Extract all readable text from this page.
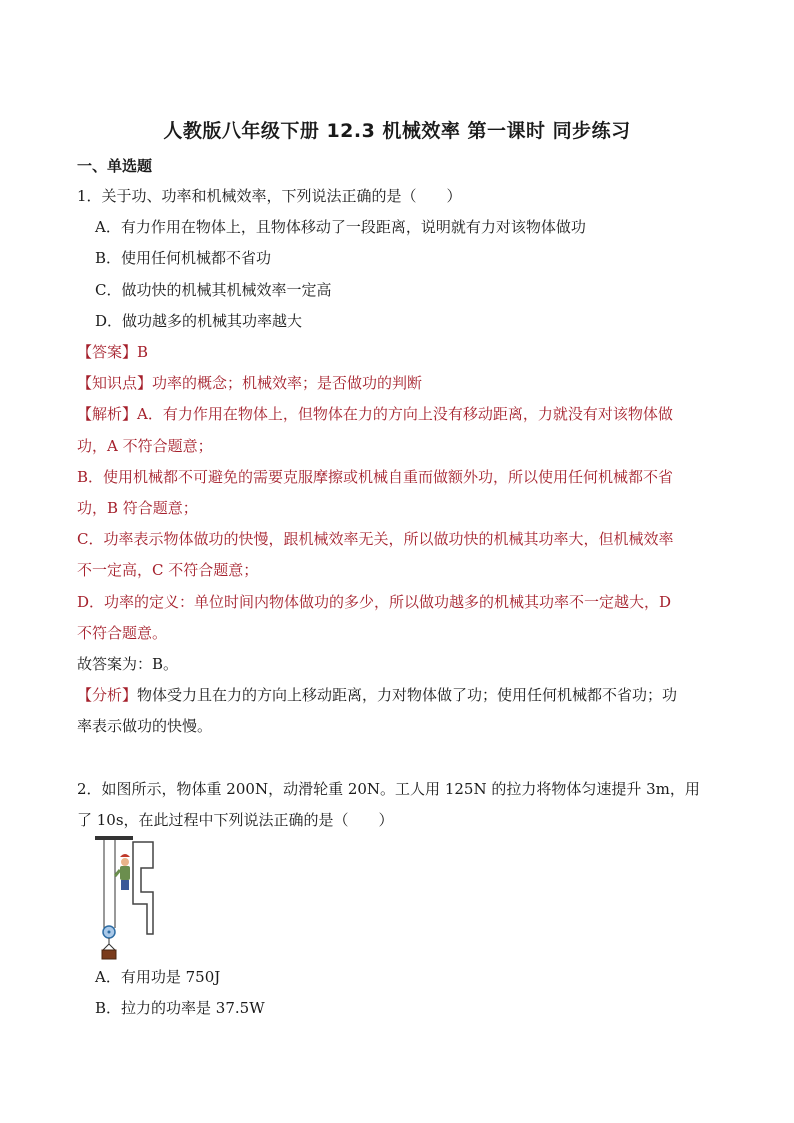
人教版八年级下册 12.3 机械效率 第一课时 同步练习
一、单选题
1．关于功、功率和机械效率，下列说法正确的是（　　）
A．有力作用在物体上，且物体移动了一段距离，说明就有力对该物体做功
B．使用任何机械都不省功
C．做功快的机械其机械效率一定高
D．做功越多的机械其功率越大
【答案】B
【知识点】功率的概念；机械效率；是否做功的判断
【解析】A．有力作用在物体上，但物体在力的方向上没有移动距离，力就没有对该物体做
功，A 不符合题意；
B．使用机械都不可避免的需要克服摩擦或机械自重而做额外功，所以使用任何机械都不省
功，B 符合题意；
C．功率表示物体做功的快慢，跟机械效率无关，所以做功快的机械其功率大，但机械效率
不一定高，C 不符合题意；
D．功率的定义：单位时间内物体做功的多少，所以做功越多的机械其功率不一定越大，D
不符合题意。
故答案为：B。
【分析】物体受力且在力的方向上移动距离，力对物体做了功；使用任何机械都不省功；功
率表示做功的快慢。
2．如图所示，物体重 200N，动滑轮重 20N。工人用 125N 的拉力将物体匀速提升 3m，用
了 10s，在此过程中下列说法正确的是（　　）
A．有用功是 750J
B．拉力的功率是 37.5W
